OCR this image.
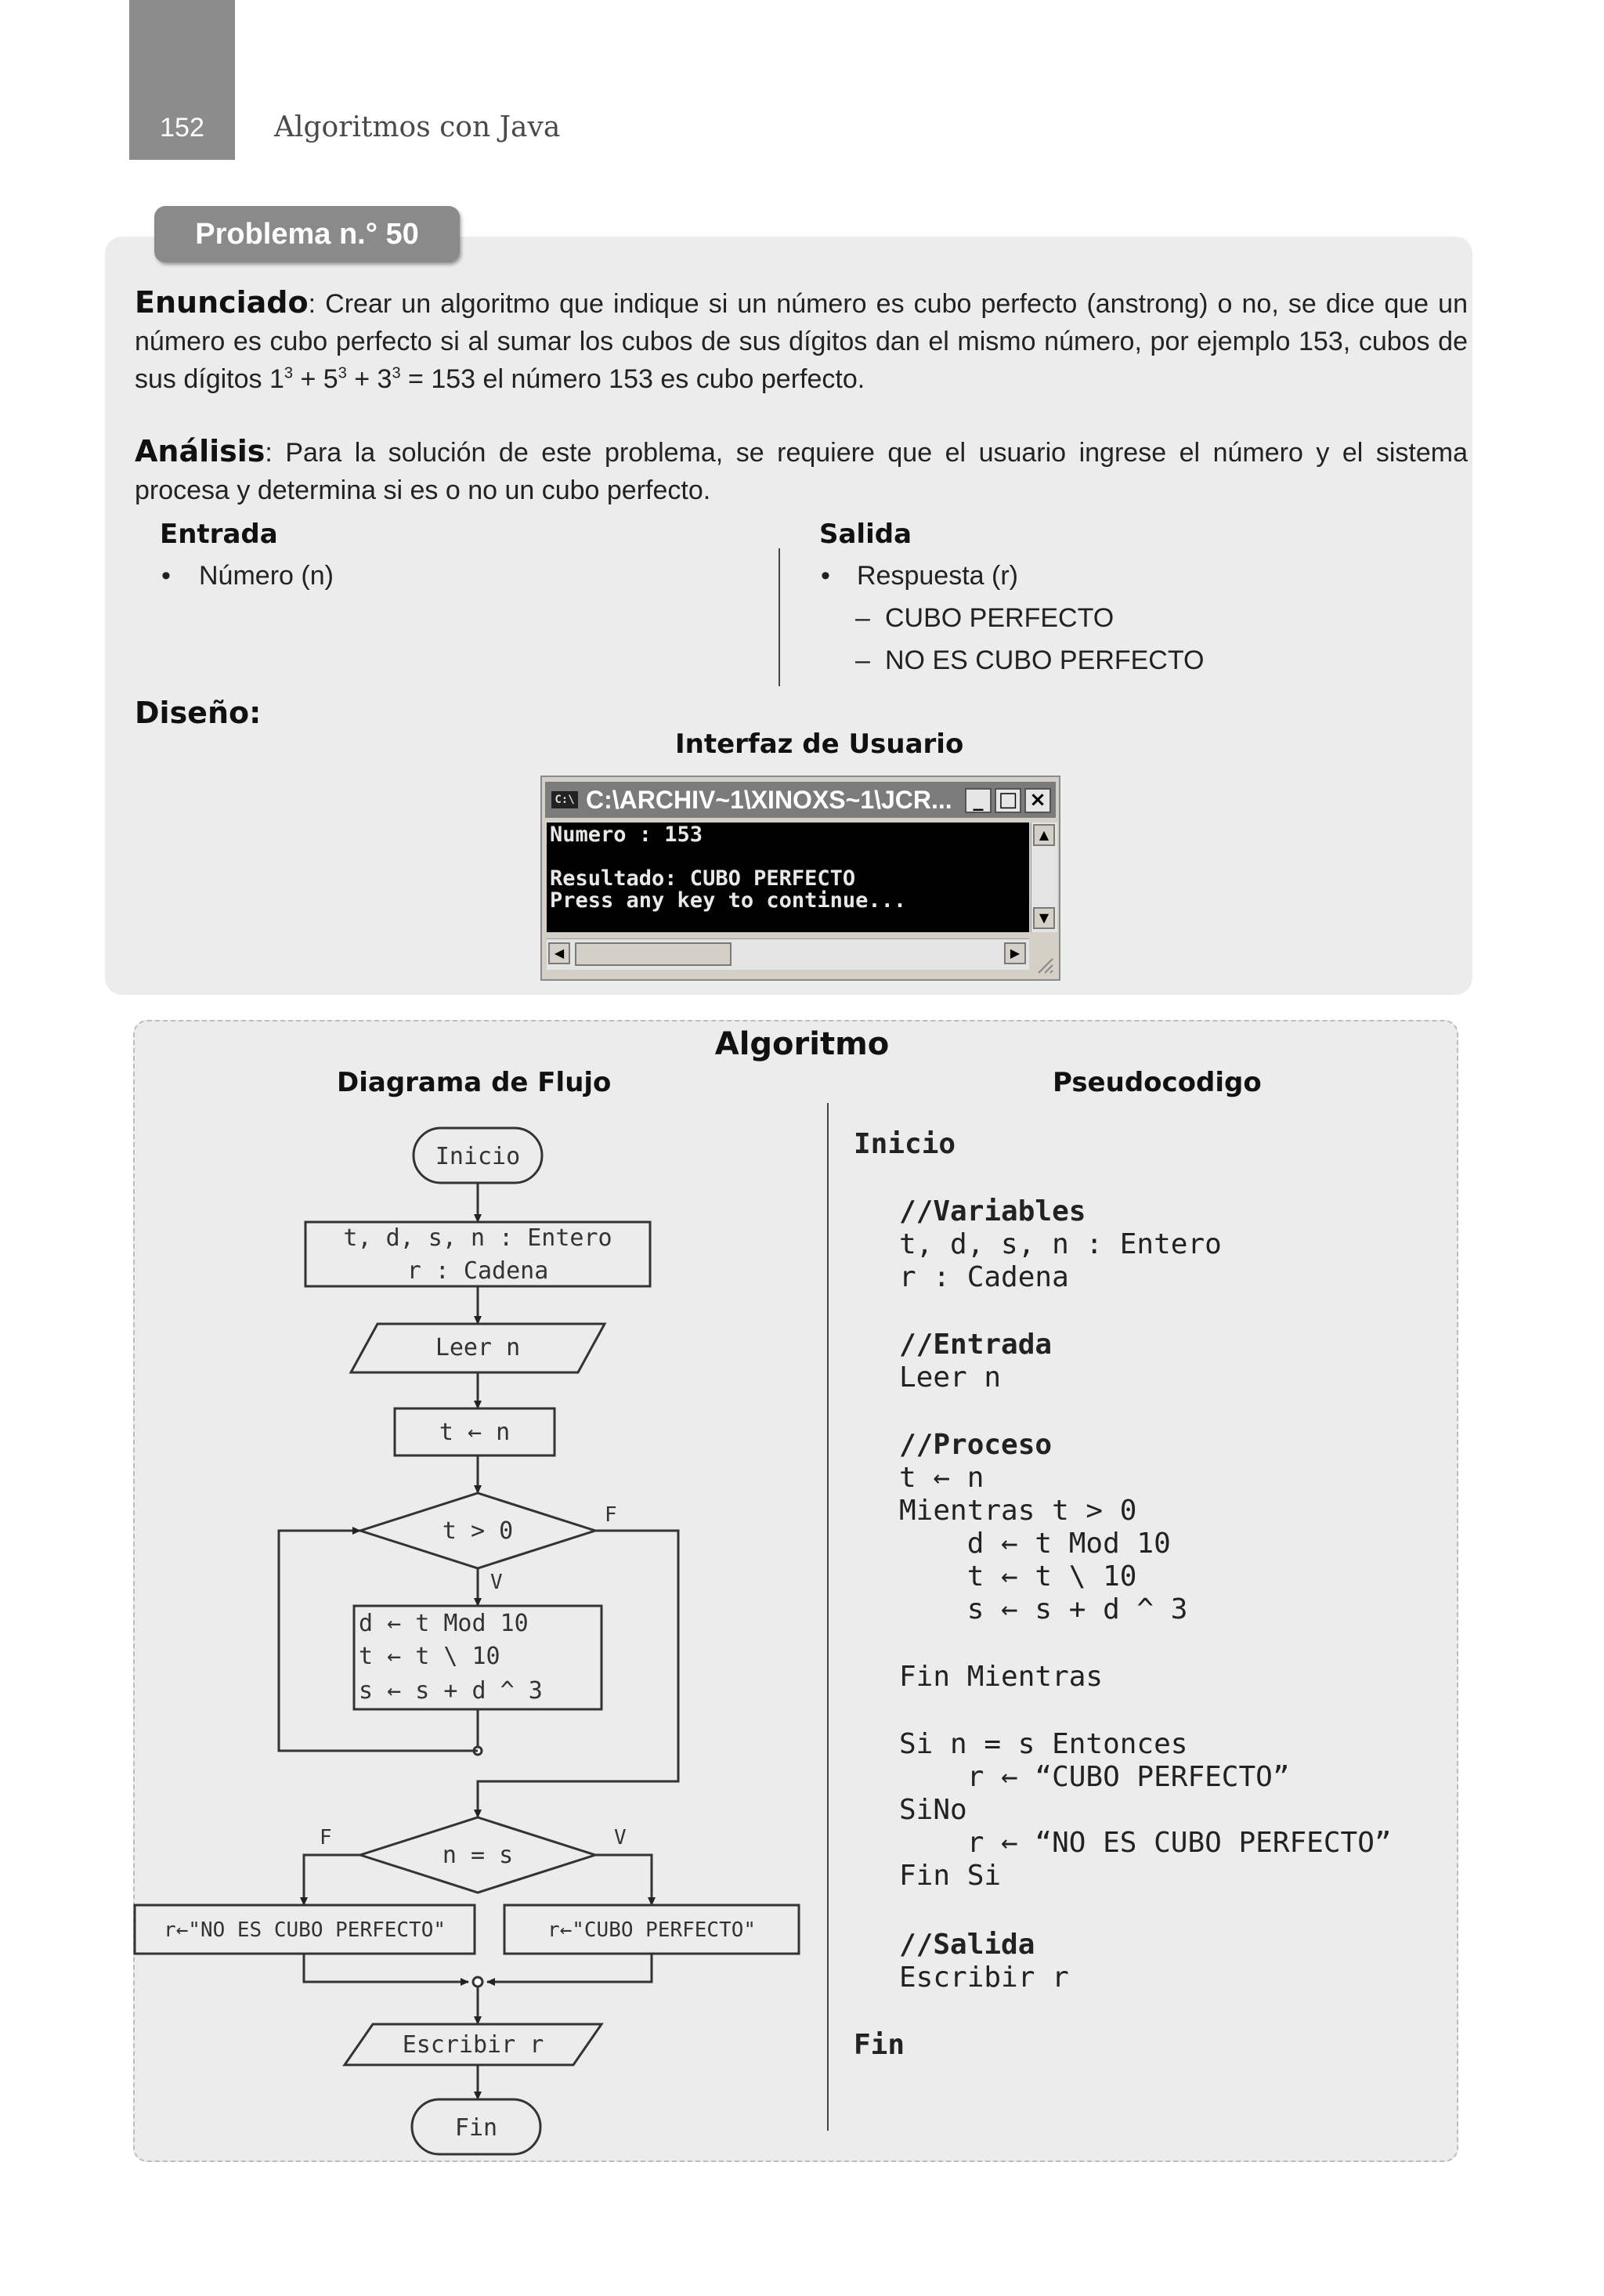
152	Algoritmos con Java
Problema n.° 50
Enunciado: Crear un algoritmo que indique si un número es cubo perfecto (anstrong) o no, se dice que un número es cubo perfecto si al sumar los cubos de sus dígitos dan el mismo número, por ejemplo 153, cubos de sus dígitos $1^3 + 5^3 + 3^3 = 153$ el número 153 es cubo perfecto.
Análisis: Para la solución de este problema, se requiere que el usuario ingrese el número y el sistema procesa y determina si es o no un cubo perfecto.
Entrada
• Número (n)
Salida
• Respuesta (r)
– CUBO PERFECTO
– NO ES CUBO PERFECTO
Diseño:
Interfaz de Usuario
C:\ C:\ARCHIV~1\XINOXS~1\JCR...	_ □ ×
Numero : 153
Resultado: CUBO PERFECTO
Press any key to continue...
▲
▼
◀	▶
Algoritmo
Diagrama de Flujo	Pseudocodigo
Inicio
t, d, s, n : Entero
r : Cadena
Leer n
t ← n
t > 0
F
V
d ← t Mod 10
t ← t \ 10
s ← s + d ^ 3
n = s
F	V
r←"NO ES CUBO PERFECTO"	r←"CUBO PERFECTO"
Escribir r
Fin
Inicio
//Variables
t, d, s, n : Entero
r : Cadena
//Entrada
Leer n
//Proceso
t ← n
Mientras t > 0
d ← t Mod 10
t ← t \ 10
s ← s + d ^ 3
Fin Mientras
Si n = s Entonces
r ← “CUBO PERFECTO”
SiNo
r ← “NO ES CUBO PERFECTO”
Fin Si
//Salida
Escribir r
Fin
